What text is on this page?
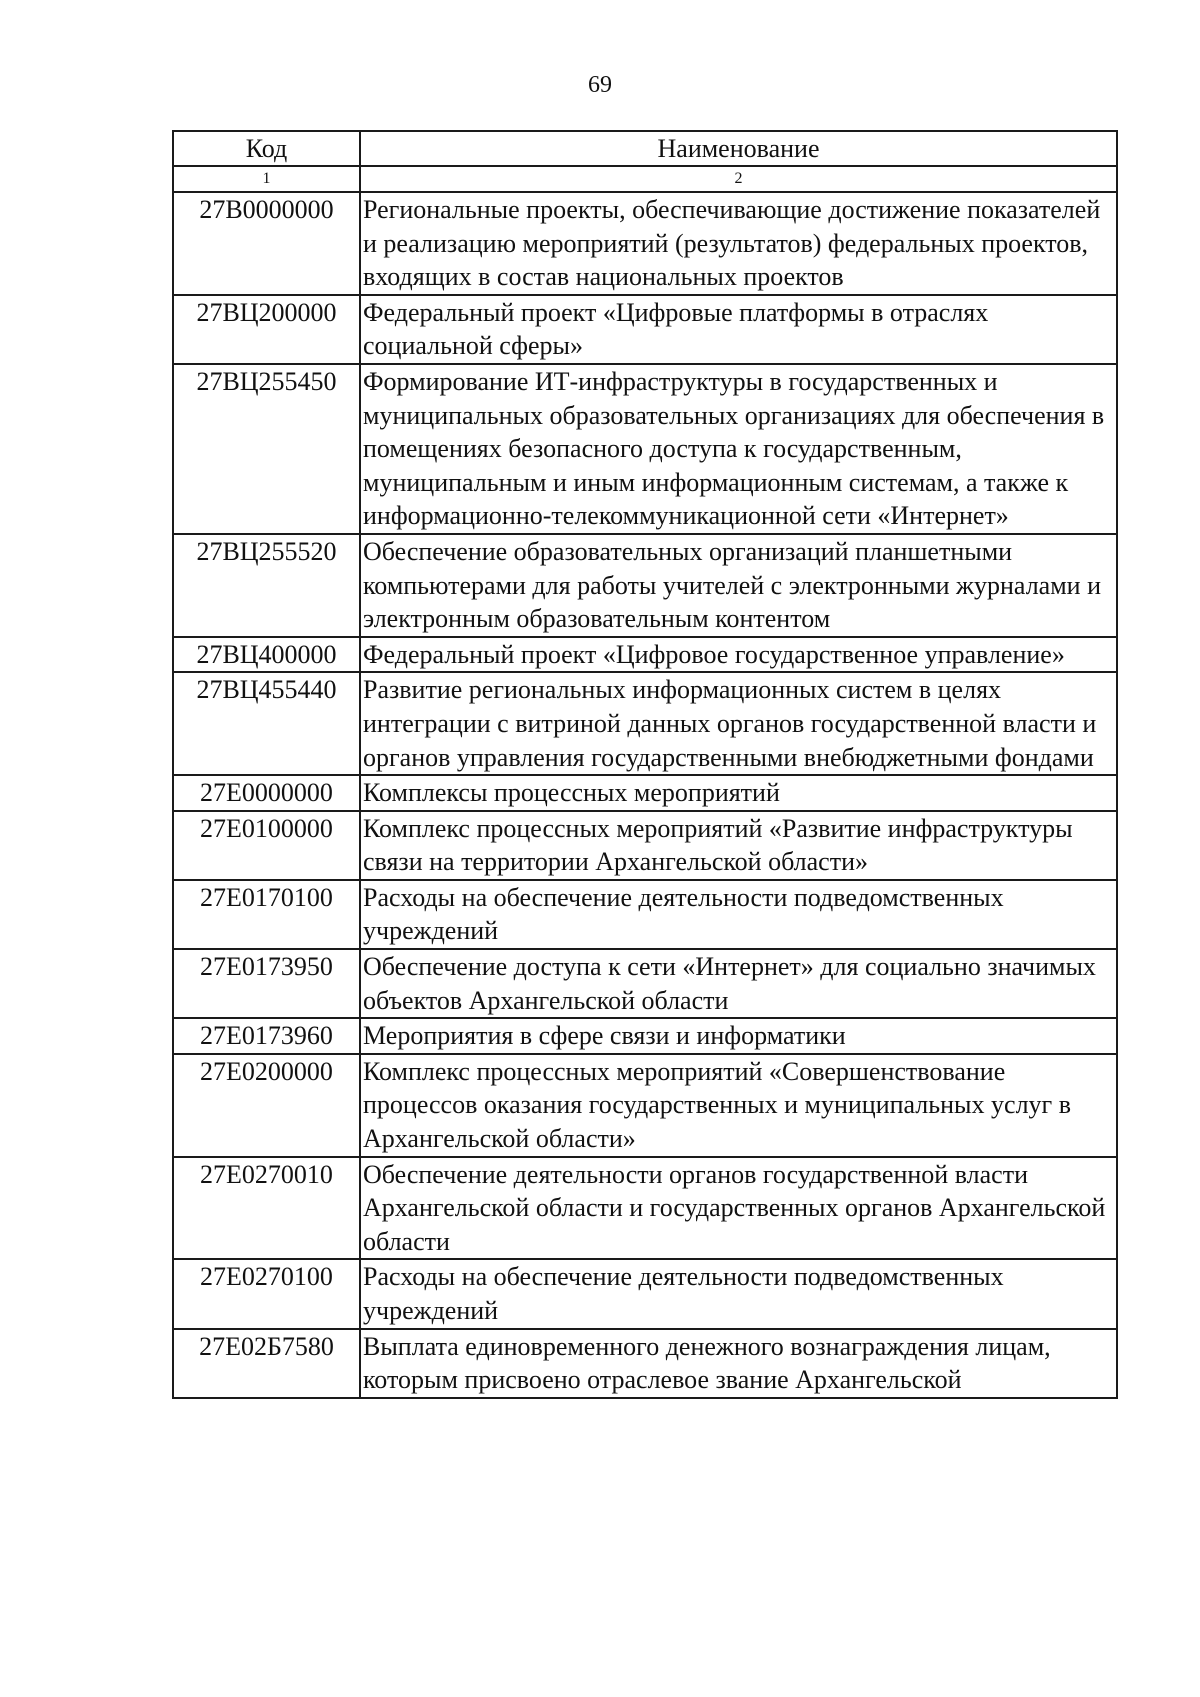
69
Код	Наименование
1	2
27В0000000	Региональные проекты, обеспечивающие достижение показателей и реализацию мероприятий (результатов) федеральных проектов, входящих в состав национальных проектов
27ВЦ200000	Федеральный проект «Цифровые платформы в отраслях социальной сферы»
27ВЦ255450	Формирование ИТ-инфраструктуры в государственных и муниципальных образовательных организациях для обеспечения в помещениях безопасного доступа к государственным, муниципальным и иным информационным системам, а также к информационно-телекоммуникационной сети «Интернет»
27ВЦ255520	Обеспечение образовательных организаций планшетными компьютерами для работы учителей с электронными журналами и электронным образовательным контентом
27ВЦ400000	Федеральный проект «Цифровое государственное управление»
27ВЦ455440	Развитие региональных информационных систем в целях интеграции с витриной данных органов государственной власти и органов управления государственными внебюджетными фондами
27Е0000000	Комплексы процессных мероприятий
27Е0100000	Комплекс процессных мероприятий «Развитие инфраструктуры связи на территории Архангельской области»
27Е0170100	Расходы на обеспечение деятельности подведомственных учреждений
27Е0173950	Обеспечение доступа к сети «Интернет» для социально значимых объектов Архангельской области
27Е0173960	Мероприятия в сфере связи и информатики
27Е0200000	Комплекс процессных мероприятий «Совершенствование процессов оказания государственных и муниципальных услуг в Архангельской области»
27Е0270010	Обеспечение деятельности органов государственной власти Архангельской области и государственных органов Архангельской области
27Е0270100	Расходы на обеспечение деятельности подведомственных учреждений
27Е02Б7580	Выплата единовременного денежного вознаграждения лицам, которым присвоено отраслевое звание Архангельской
